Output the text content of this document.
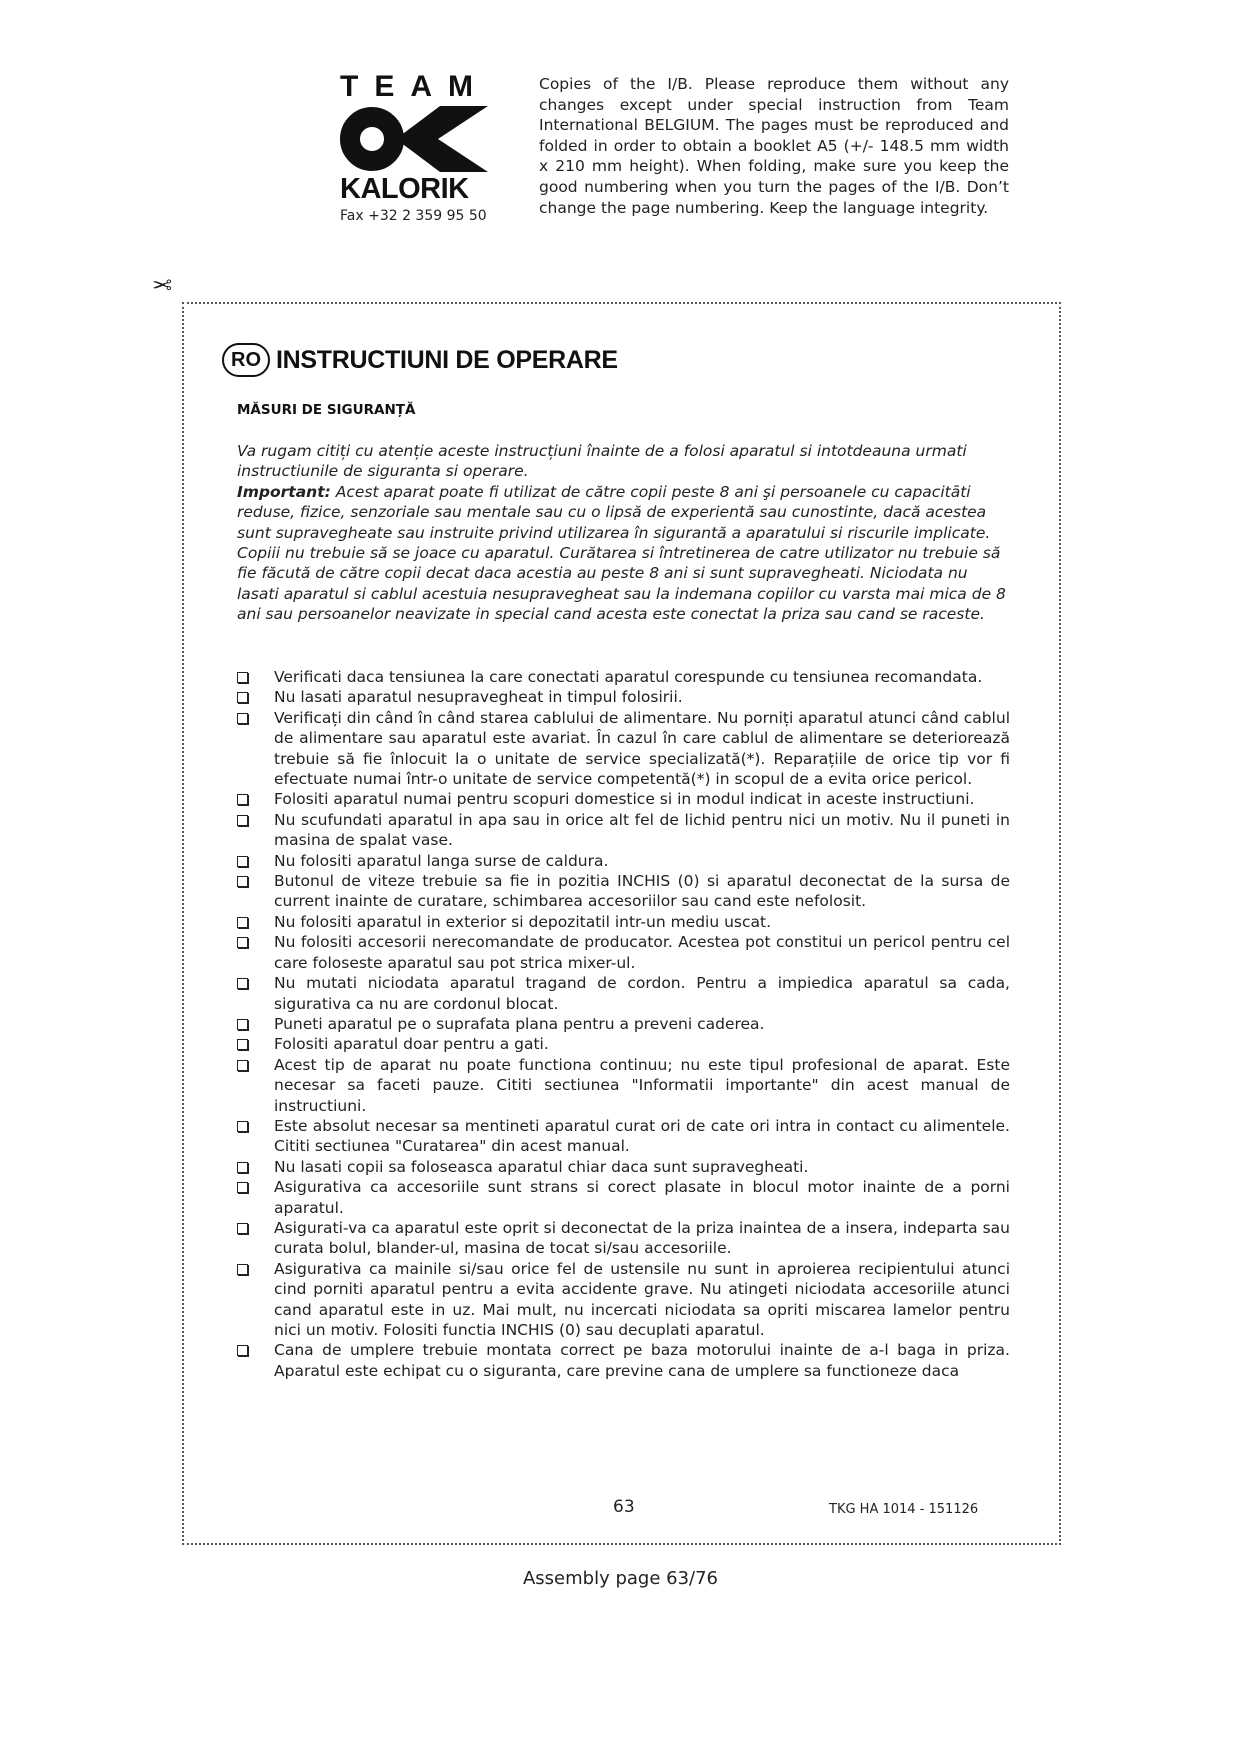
TEAM
KALORIK
Fax +32 2 359 95 50
Copies of the I/B. Please reproduce them without any changes except under special instruction from Team International BELGIUM. The pages must be reproduced and folded in order to obtain a booklet A5 (+/- 148.5 mm width x 210 mm height). When folding, make sure you keep the good numbering when you turn the pages of the I/B. Don’t change the page numbering. Keep the language integrity.
✂
RO INSTRUCTIUNI DE OPERARE
MĂSURI DE SIGURANȚĂ

Va rugam citiți cu atenție aceste instrucțiuni înainte de a folosi aparatul si intotdeauna urmati instructiunile de siguranta si operare.
Important: Acest aparat poate fi utilizat de către copii peste 8 ani şi persoanele cu capacitāti reduse, fizice, senzoriale sau mentale sau cu o lipsă de experientă sau cunostinte, dacă acestea sunt supravegheate sau instruite privind utilizarea în sigurantă a aparatului si riscurile implicate. Copiii nu trebuie să se joace cu aparatul. Curătarea si întretinerea de catre utilizator nu trebuie să fie făcută de către copii decat daca acestia au peste 8 ani si sunt supravegheati. Niciodata nu lasati aparatul si cablul acestuia nesupravegheat sau la indemana copiilor cu varsta mai mica de 8 ani sau persoanelor neavizate in special cand acesta este conectat la priza sau cand se raceste.

Verificati daca tensiunea la care conectati aparatul corespunde cu tensiunea recomandata.
Nu lasati aparatul nesupravegheat in timpul folosirii.
Verificați din când în când starea cablului de alimentare. Nu porniți aparatul atunci când cablul de alimentare sau aparatul este avariat. În cazul în care cablul de alimentare se deteriorează trebuie să fie înlocuit la o unitate de service specializată(*). Reparațiile de orice tip vor fi efectuate numai într-o unitate de service competentă(*) in scopul de a evita orice pericol.
Folositi aparatul numai pentru scopuri domestice si in modul indicat in aceste instructiuni.
Nu scufundati aparatul in apa sau in orice alt fel de lichid pentru nici un motiv. Nu il puneti in masina de spalat vase.
Nu folositi aparatul langa surse de caldura.
Butonul de viteze trebuie sa fie in pozitia INCHIS (0) si aparatul deconectat de la sursa de current inainte de curatare, schimbarea accesoriilor sau cand este nefolosit.
Nu folositi aparatul in exterior si depozitatil intr-un mediu uscat.
Nu folositi accesorii nerecomandate de producator. Acestea pot constitui un pericol pentru cel care foloseste aparatul sau pot strica mixer-ul.
Nu mutati niciodata aparatul tragand de cordon. Pentru a impiedica aparatul sa cada, sigurativa ca nu are cordonul blocat.
Puneti aparatul pe o suprafata plana pentru a preveni caderea.
Folositi aparatul doar pentru a gati.
Acest tip de aparat nu poate functiona continuu; nu este tipul profesional de aparat. Este necesar sa faceti pauze. Cititi sectiunea "Informatii importante" din acest manual de instructiuni.
Este absolut necesar sa mentineti aparatul curat ori de cate ori intra in contact cu alimentele. Cititi sectiunea "Curatarea" din acest manual.
Nu lasati copii sa foloseasca aparatul chiar daca sunt supravegheati.
Asigurativa ca accesoriile sunt strans si corect plasate in blocul motor inainte de a porni aparatul.
Asigurati-va ca aparatul este oprit si deconectat de la priza inaintea de a insera, indeparta sau curata bolul, blander-ul, masina de tocat si/sau accesoriile.
Asigurativa ca mainile si/sau orice fel de ustensile nu sunt in aproierea recipientului atunci cind porniti aparatul pentru a evita accidente grave. Nu atingeti niciodata accesoriile atunci cand aparatul este in uz. Mai mult, nu incercati niciodata sa opriti miscarea lamelor pentru nici un motiv. Folositi functia INCHIS (0) sau decuplati aparatul.
Cana de umplere trebuie montata correct pe baza motorului inainte de a-l baga in priza. Aparatul este echipat cu o siguranta, care previne cana de umplere sa functioneze daca
63	TKG HA 1014 - 151126
Assembly page 63/76
